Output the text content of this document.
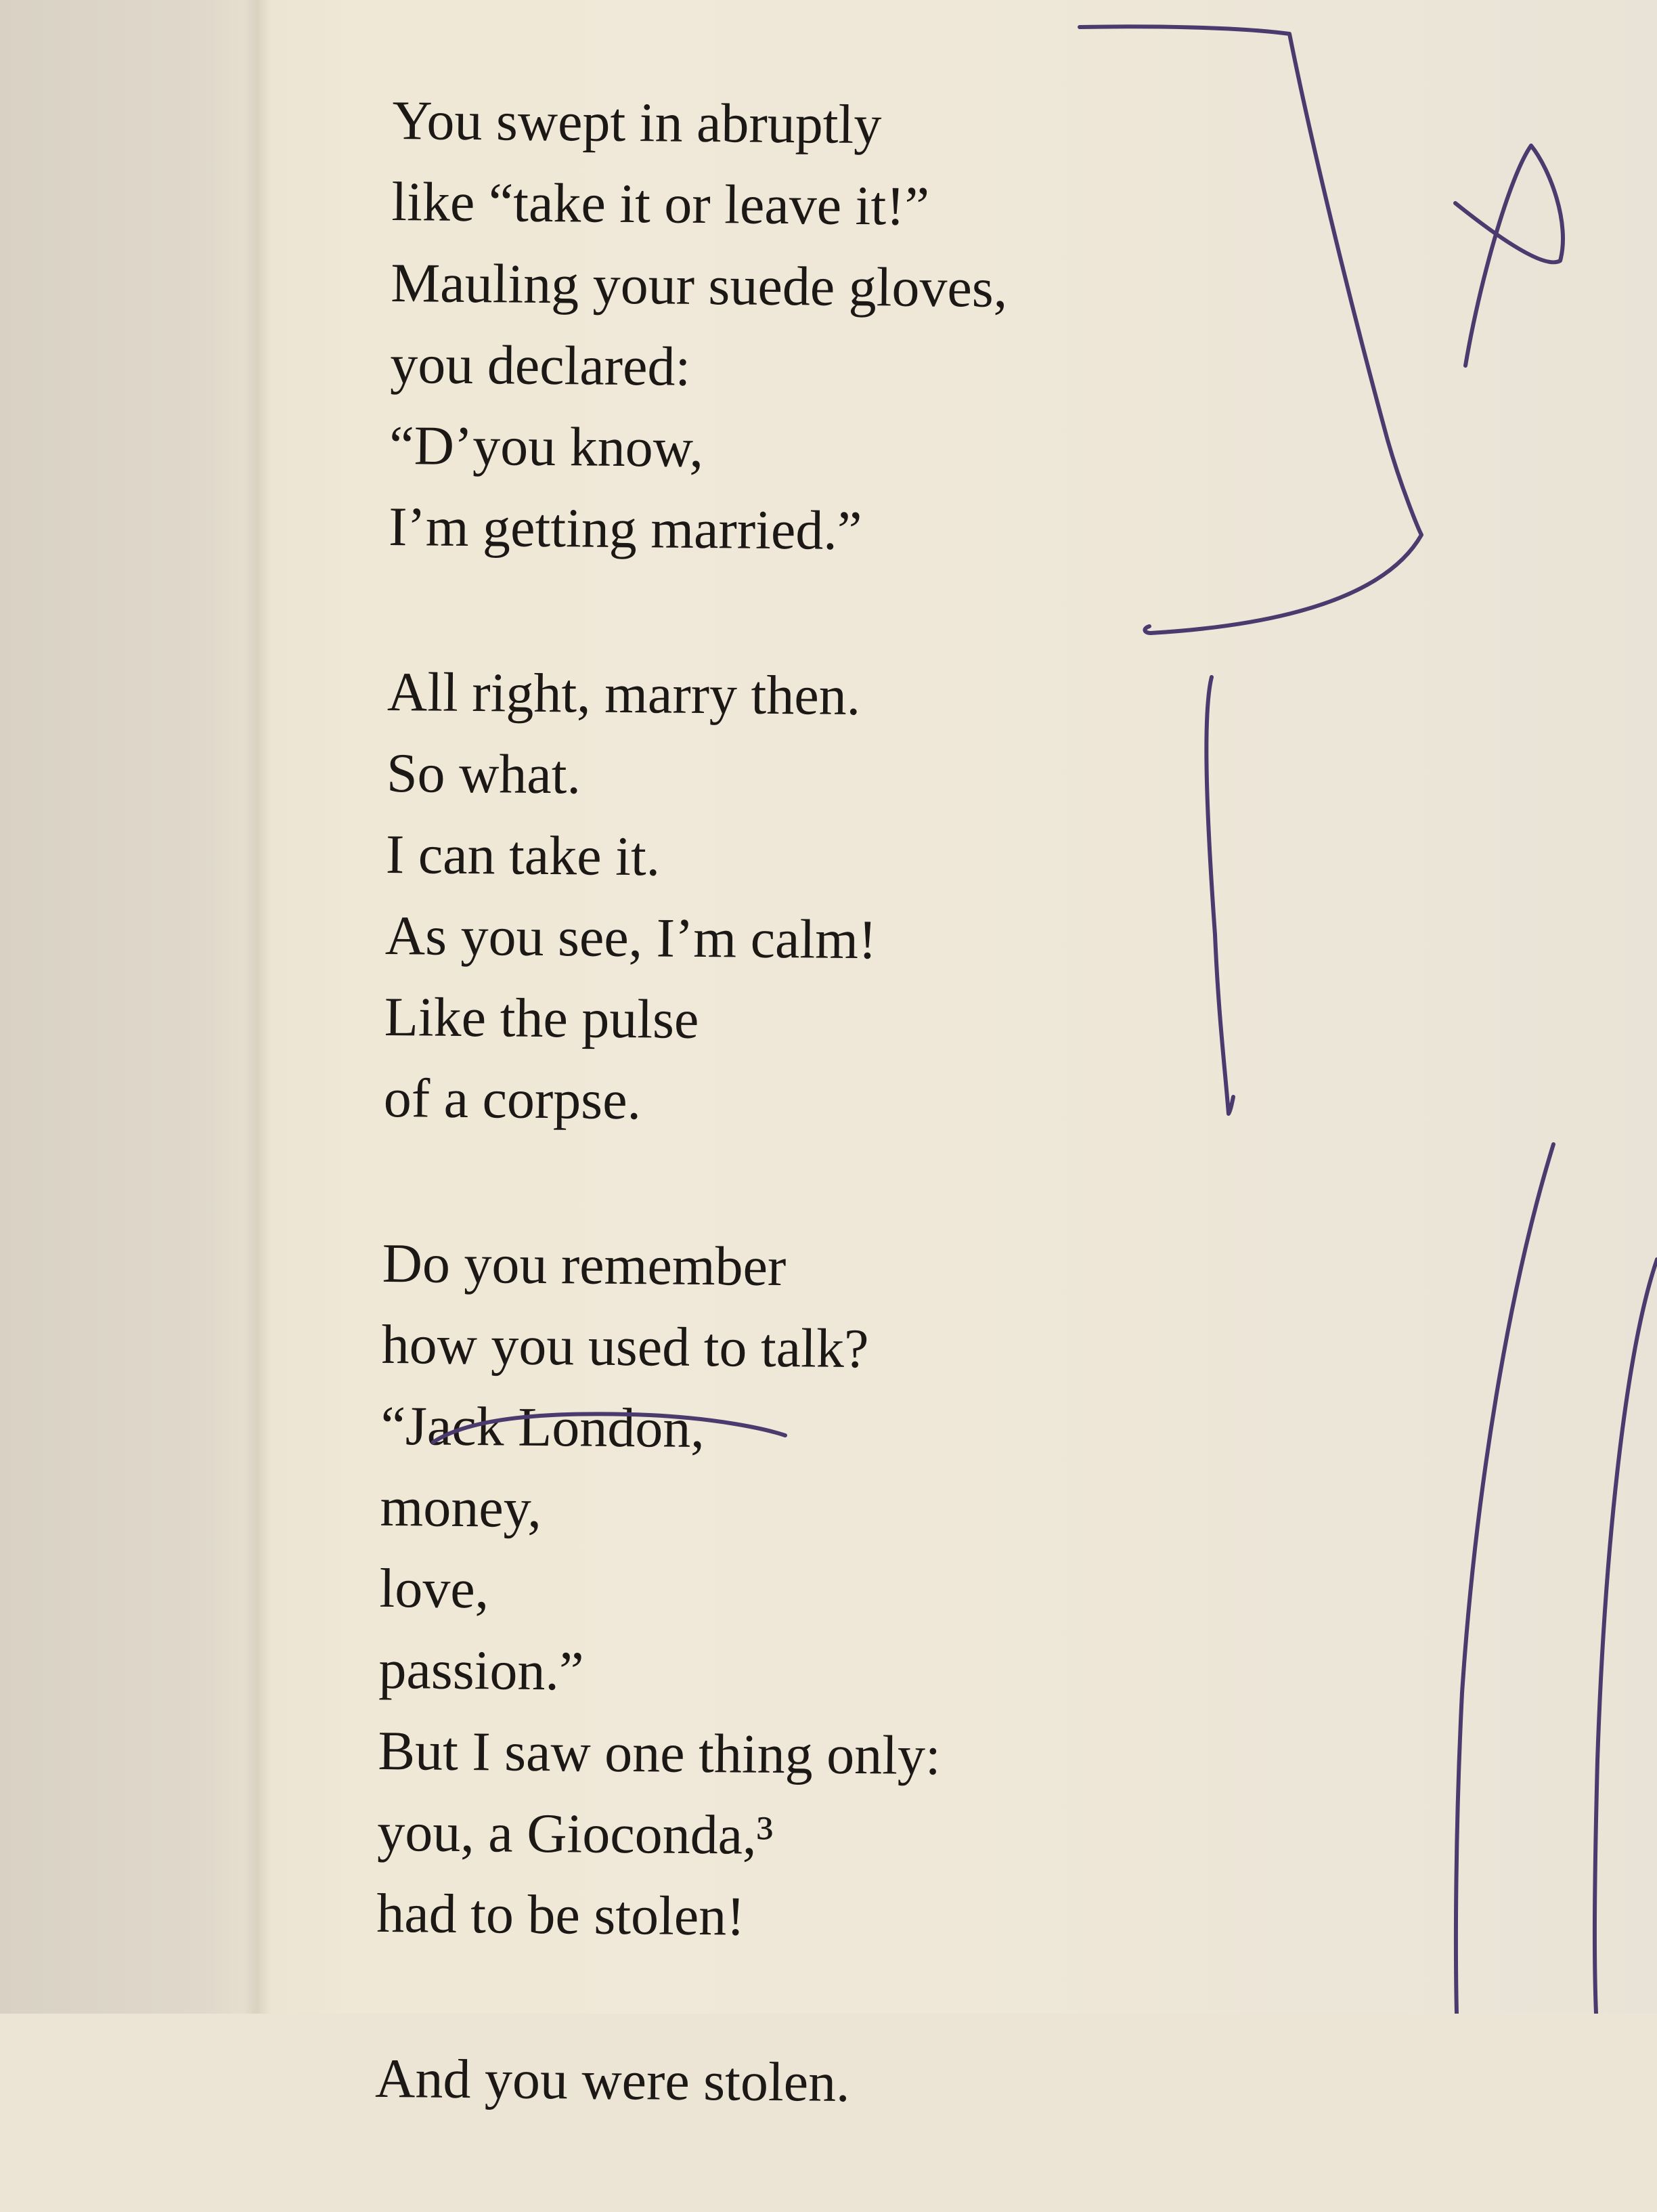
You swept in abruptly
like “take it or leave it!”
Mauling your suede gloves,
you declared:
“D’you know,
I’m getting married.”
All right, marry then.
So what.
I can take it.
As you see, I’m calm!
Like the pulse
of a corpse.
Do you remember
how you used to talk?
“Jack London,
money,
love,
passion.”
But I saw one thing only:
you, a Gioconda,³
had to be stolen!
And you were stolen.
